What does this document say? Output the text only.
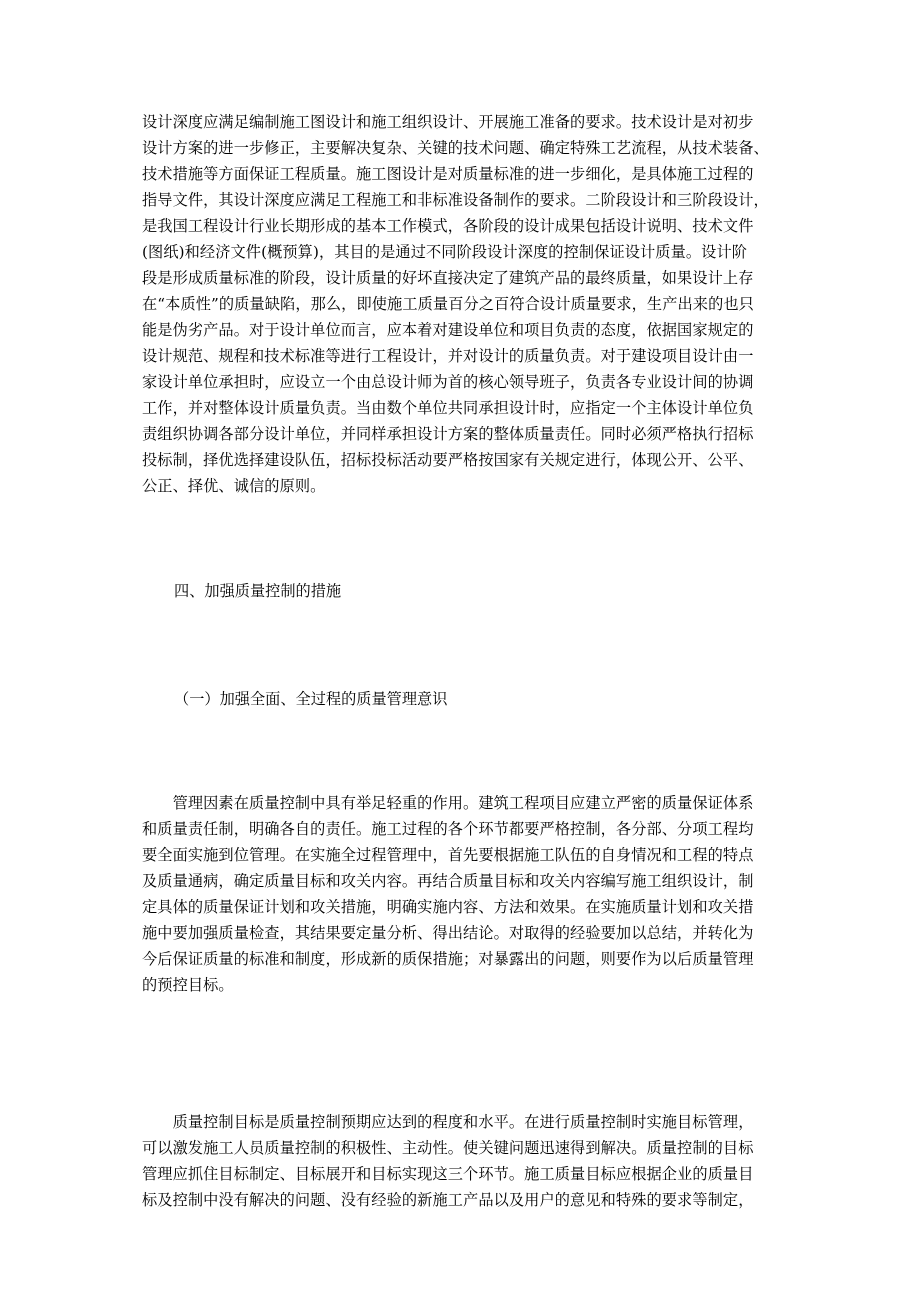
设计深度应满足编制施工图设计和施工组织设计、开展施工准备的要求。技术设计是对初步
设计方案的进一步修正，主要解决复杂、关键的技术问题、确定特殊工艺流程，从技术装备、
技术措施等方面保证工程质量。施工图设计是对质量标准的进一步细化，是具体施工过程的
指导文件，其设计深度应满足工程施工和非标准设备制作的要求。二阶段设计和三阶段设计，
是我国工程设计行业长期形成的基本工作模式，各阶段的设计成果包括设计说明、技术文件
(图纸)和经济文件(概预算)，其目的是通过不同阶段设计深度的控制保证设计质量。设计阶
段是形成质量标准的阶段，设计质量的好坏直接决定了建筑产品的最终质量，如果设计上存
在“本质性”的质量缺陷，那么，即使施工质量百分之百符合设计质量要求，生产出来的也只
能是伪劣产品。对于设计单位而言，应本着对建设单位和项目负责的态度，依据国家规定的
设计规范、规程和技术标准等进行工程设计，并对设计的质量负责。对于建设项目设计由一
家设计单位承担时，应设立一个由总设计师为首的核心领导班子，负责各专业设计间的协调
工作，并对整体设计质量负责。当由数个单位共同承担设计时，应指定一个主体设计单位负
责组织协调各部分设计单位，并同样承担设计方案的整体质量责任。同时必须严格执行招标
投标制，择优选择建设队伍，招标投标活动要严格按国家有关规定进行，体现公开、公平、
公正、择优、诚信的原则。
四、加强质量控制的措施
（一）加强全面、全过程的质量管理意识
　　管理因素在质量控制中具有举足轻重的作用。建筑工程项目应建立严密的质量保证体系
和质量责任制，明确各自的责任。施工过程的各个环节都要严格控制，各分部、分项工程均
要全面实施到位管理。在实施全过程管理中，首先要根据施工队伍的自身情况和工程的特点
及质量通病，确定质量目标和攻关内容。再结合质量目标和攻关内容编写施工组织设计，制
定具体的质量保证计划和攻关措施，明确实施内容、方法和效果。在实施质量计划和攻关措
施中要加强质量检查，其结果要定量分析、得出结论。对取得的经验要加以总结，并转化为
今后保证质量的标准和制度，形成新的质保措施；对暴露出的问题，则要作为以后质量管理
的预控目标。
　　质量控制目标是质量控制预期应达到的程度和水平。在进行质量控制时实施目标管理，
可以激发施工人员质量控制的积极性、主动性。使关键问题迅速得到解决。质量控制的目标
管理应抓住目标制定、目标展开和目标实现这三个环节。施工质量目标应根据企业的质量目
标及控制中没有解决的问题、没有经验的新施工产品以及用户的意见和特殊的要求等制定，
